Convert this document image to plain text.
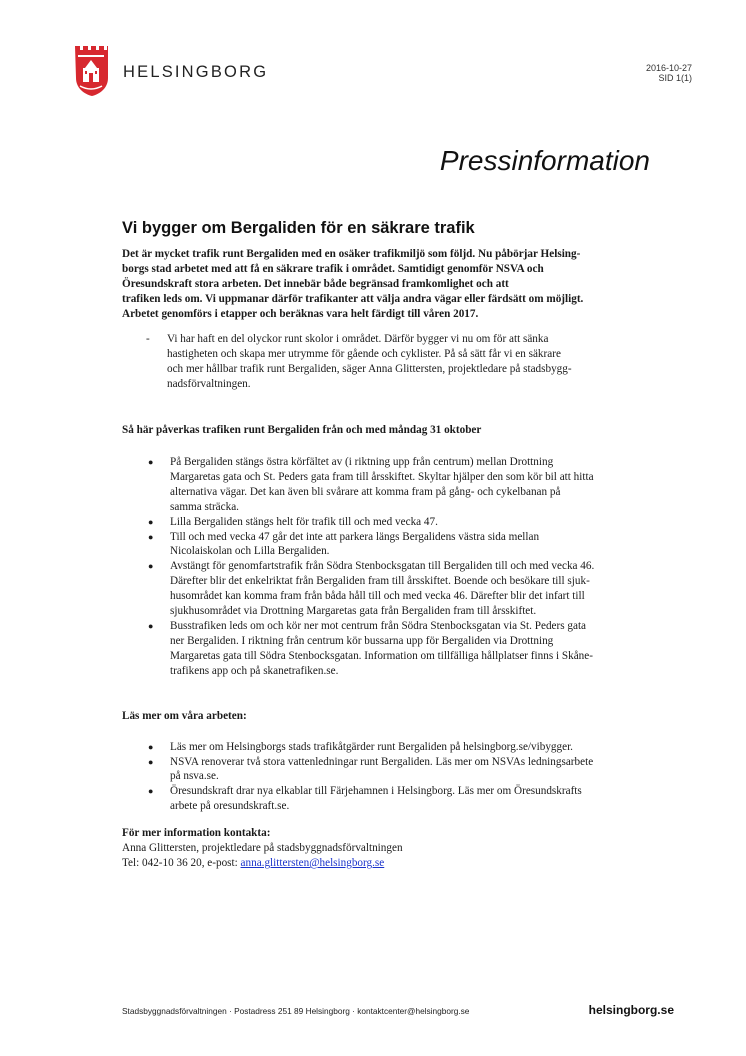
HELSINGBORG	2016-10-27
SID 1(1)
Pressinformation
Vi bygger om Bergaliden för en säkrare trafik

Det är mycket trafik runt Bergaliden med en osäker trafikmiljö som följd. Nu påbörjar Helsing-
borgs stad arbetet med att få en säkrare trafik i området. Samtidigt genomför NSVA och
Öresundskraft stora arbeten. Det innebär både begränsad framkomlighet och att
trafiken leds om. Vi uppmanar därför trafikanter att välja andra vägar eller färdsätt om möjligt.
Arbetet genomförs i etapper och beräknas vara helt färdigt till våren 2017.

- Vi har haft en del olyckor runt skolor i området. Därför bygger vi nu om för att sänka
hastigheten och skapa mer utrymme för gående och cyklister. På så sätt får vi en säkrare
och mer hållbar trafik runt Bergaliden, säger Anna Glittersten, projektledare på stadsbygg-
nadsförvaltningen.

Så här påverkas trafiken runt Bergaliden från och med måndag 31 oktober

● På Bergaliden stängs östra körfältet av (i riktning upp från centrum) mellan Drottning
Margaretas gata och St. Peders gata fram till årsskiftet. Skyltar hjälper den som kör bil att hitta
alternativa vägar. Det kan även bli svårare att komma fram på gång- och cykelbanan på
samma sträcka.
● Lilla Bergaliden stängs helt för trafik till och med vecka 47.
● Till och med vecka 47 går det inte att parkera längs Bergalidens västra sida mellan
Nicolaiskolan och Lilla Bergaliden.
● Avstängt för genomfartstrafik från Södra Stenbocksgatan till Bergaliden till och med vecka 46.
Därefter blir det enkelriktat från Bergaliden fram till årsskiftet. Boende och besökare till sjuk-
husområdet kan komma fram från båda håll till och med vecka 46. Därefter blir det infart till
sjukhusområdet via Drottning Margaretas gata från Bergaliden fram till årsskiftet.
● Busstrafiken leds om och kör ner mot centrum från Södra Stenbocksgatan via St. Peders gata
ner Bergaliden. I riktning från centrum kör bussarna upp för Bergaliden via Drottning
Margaretas gata till Södra Stenbocksgatan. Information om tillfälliga hållplatser finns i Skåne-
trafikens app och på skanetrafiken.se.

Läs mer om våra arbeten:

● Läs mer om Helsingborgs stads trafikåtgärder runt Bergaliden på helsingborg.se/vibygger.
● NSVA renoverar två stora vattenledningar runt Bergaliden. Läs mer om NSVAs ledningsarbete
på nsva.se.
● Öresundskraft drar nya elkablar till Färjehamnen i Helsingborg. Läs mer om Öresundskrafts
arbete på oresundskraft.se.
För mer information kontakta:
Anna Glittersten, projektledare på stadsbyggnadsförvaltningen
Tel: 042-10 36 20, e-post: anna.glittersten@helsingborg.se
Stadsbyggnadsförvaltningen · Postadress 251 89 Helsingborg · kontaktcenter@helsingborg.se	helsingborg.se
